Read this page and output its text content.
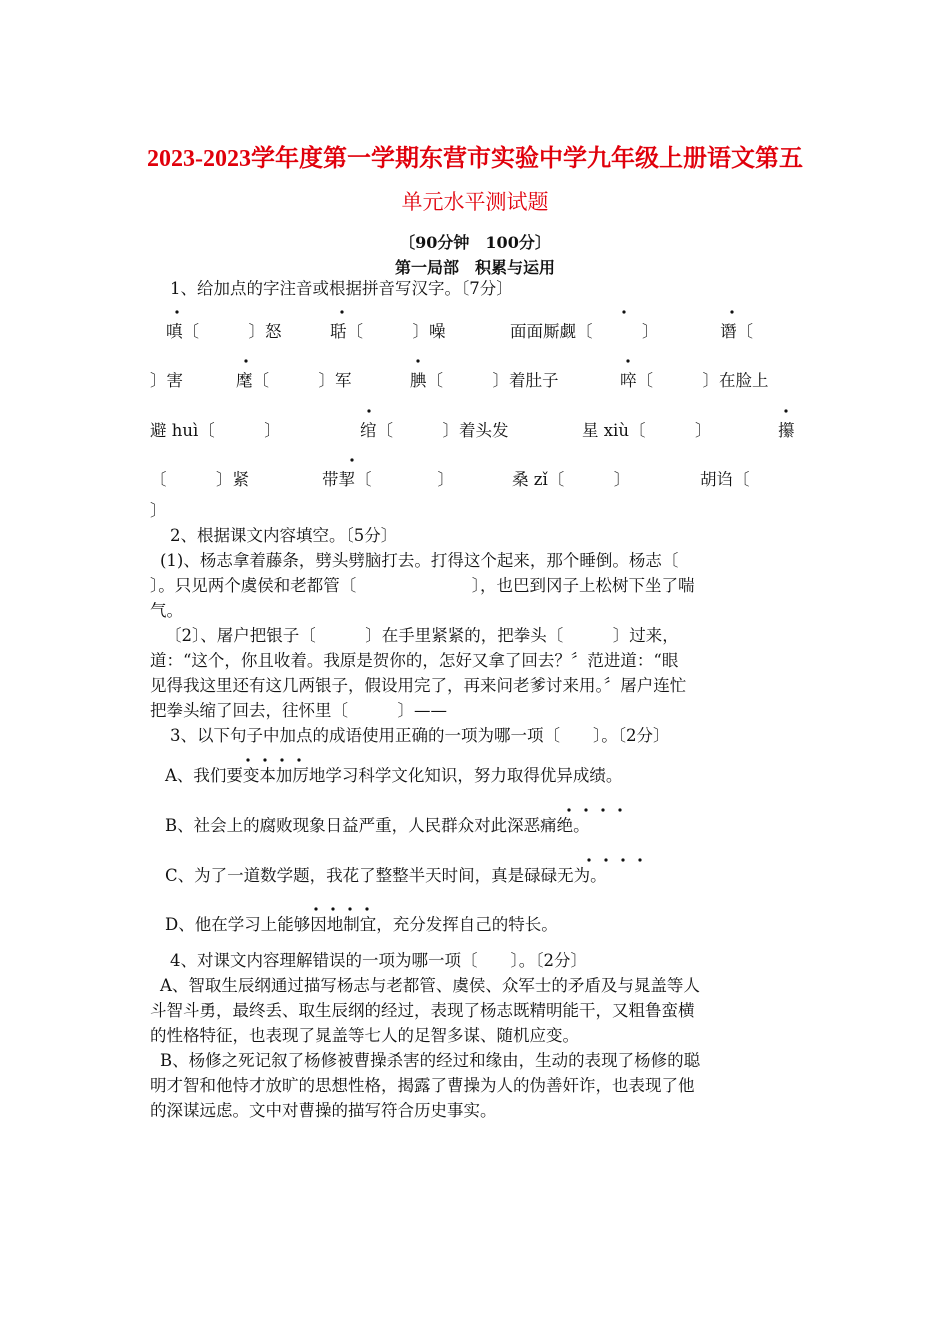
2023-2023学年度第一学期东营市实验中学九年级上册语文第五
单元水平测试题
〔90分钟　100分〕
第一局部　积累与运用
1、给加点的字注音或根据拼音写汉字。〔7分〕
嗔〔　　　〕怒	聒〔　　　〕噪	面面厮觑〔　　　〕	谮〔
〕害	麾〔　　　〕军	腆〔　　　〕着肚子	啐〔　　　〕在脸上
避 huì〔　　　〕	绾〔　　　〕着头发	星 xiù〔　　　〕	攥
〔　　　〕紧	带挈〔　　　　〕	桑 zǐ〔　　　〕	胡诌〔
〕
2、根据课文内容填空。〔5分〕
(1)、杨志拿着藤条，劈头劈脑打去。打得这个起来，那个睡倒。杨志〔
〕。只见两个虞侯和老都管〔　　　　　　　〕，也巴到冈子上松树下坐了喘
气。
〔2〕、屠户把银子〔　　　〕在手里紧紧的，把拳头〔　　　〕过来，
道：“这个，你且收着。我原是贺你的，怎好又拿了回去？〞范进道：“眼
见得我这里还有这几两银子，假设用完了，再来问老爹讨来用。〞屠户连忙
把拳头缩了回去，往怀里〔　　　〕——
3、以下句子中加点的成语使用正确的一项为哪一项〔　　〕。〔2分〕
A、我们要变本加厉地学习科学文化知识，努力取得优异成绩。
B、社会上的腐败现象日益严重，人民群众对此深恶痛绝。
C、为了一道数学题，我花了整整半天时间，真是碌碌无为。
D、他在学习上能够因地制宜，充分发挥自己的特长。
4、对课文内容理解错误的一项为哪一项〔　　〕。〔2分〕
A、智取生辰纲通过描写杨志与老都管、虞侯、众军士的矛盾及与晁盖等人
斗智斗勇，最终丢、取生辰纲的经过，表现了杨志既精明能干，又粗鲁蛮横
的性格特征，也表现了晁盖等七人的足智多谋、随机应变。
B、杨修之死记叙了杨修被曹操杀害的经过和缘由，生动的表现了杨修的聪
明才智和他恃才放旷的思想性格，揭露了曹操为人的伪善奸诈，也表现了他
的深谋远虑。文中对曹操的描写符合历史事实。
